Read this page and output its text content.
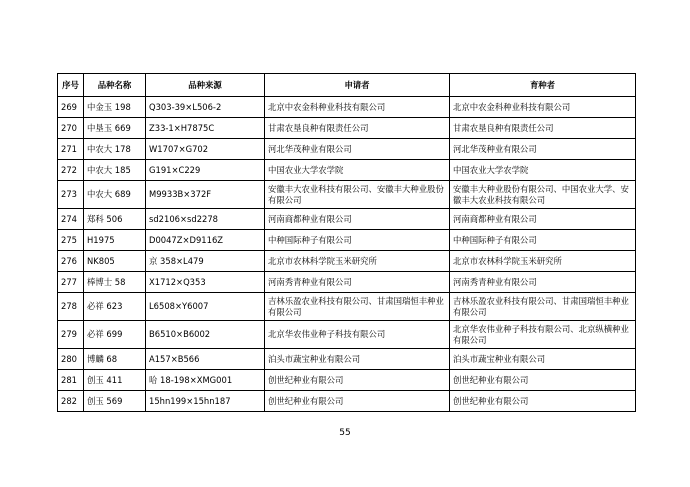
序号	品种名称	品种来源	申请者	育种者
269	中金玉 198	Q303-39×L506-2	北京中农金科种业科技有限公司	北京中农金科种业科技有限公司
270	中垦玉 669	Z33-1×H7875C	甘肃农垦良种有限责任公司	甘肃农垦良种有限责任公司
271	中农大 178	W1707×G702	河北华茂种业有限公司	河北华茂种业有限公司
272	中农大 185	G191×C229	中国农业大学农学院	中国农业大学农学院
273	中农大 689	M9933B×372F	安徽丰大农业科技有限公司、安徽丰大种业股份有限公司	安徽丰大种业股份有限公司、中国农业大学、安徽丰大农业科技有限公司
274	郑科 506	sd2106×sd2278	河南商都种业有限公司	河南商都种业有限公司
275	H1975	D0047Z×D9116Z	中种国际种子有限公司	中种国际种子有限公司
276	NK805	京 358×L479	北京市农林科学院玉米研究所	北京市农林科学院玉米研究所
277	棒博士 58	X1712×Q353	河南秀青种业有限公司	河南秀青种业有限公司
278	必祥 623	L6508×Y6007	吉林乐盈农业科技有限公司、甘肃国瑞恒丰种业有限公司	吉林乐盈农业科技有限公司、甘肃国瑞恒丰种业有限公司
279	必祥 699	B6510×B6002	北京华农伟业种子科技有限公司	北京华农伟业种子科技有限公司、北京纵横种业有限公司
280	博麟 68	A157×B566	泊头市蔬宝种业有限公司	泊头市蔬宝种业有限公司
281	创玉 411	哈 18-198×XMG001	创世纪种业有限公司	创世纪种业有限公司
282	创玉 569	15hn199×15hn187	创世纪种业有限公司	创世纪种业有限公司
55
